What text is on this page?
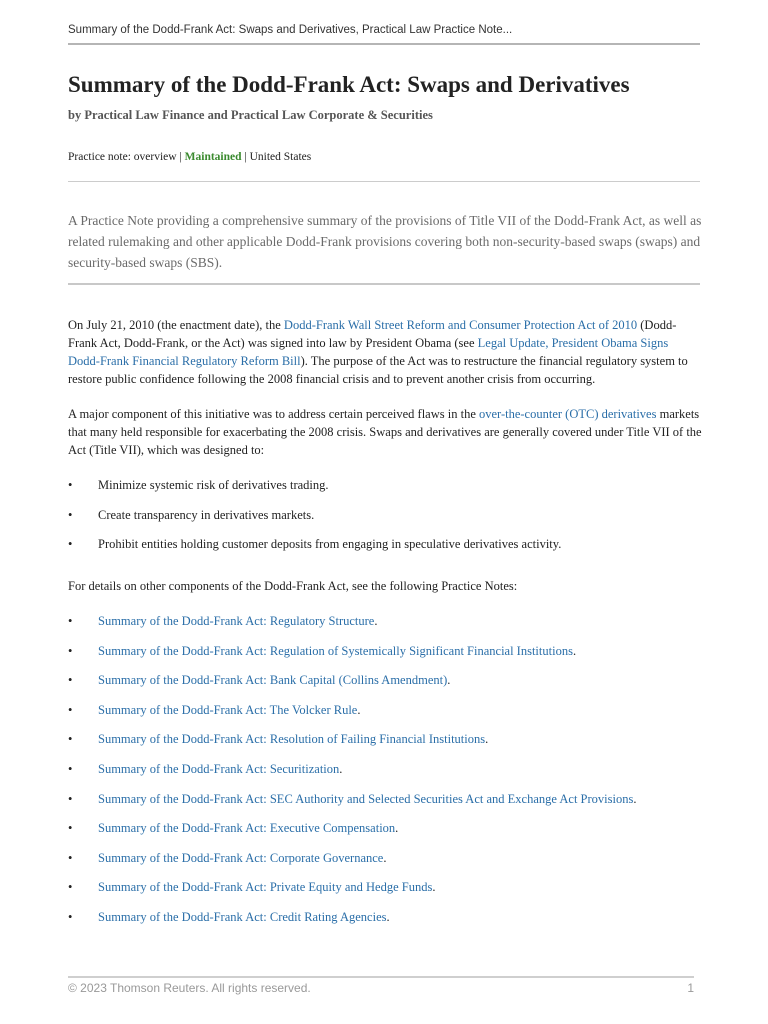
Summary of the Dodd-Frank Act: Swaps and Derivatives, Practical Law Practice Note...
Summary of the Dodd-Frank Act: Swaps and Derivatives
by Practical Law Finance and Practical Law Corporate & Securities
Practice note: overview | Maintained | United States

A Practice Note providing a comprehensive summary of the provisions of Title VII of the Dodd-Frank Act, as well as related rulemaking and other applicable Dodd-Frank provisions covering both non-security-based swaps (swaps) and security-based swaps (SBS).

On July 21, 2010 (the enactment date), the Dodd-Frank Wall Street Reform and Consumer Protection Act of 2010 (Dodd-Frank Act, Dodd-Frank, or the Act) was signed into law by President Obama (see Legal Update, President Obama Signs Dodd-Frank Financial Regulatory Reform Bill). The purpose of the Act was to restructure the financial regulatory system to restore public confidence following the 2008 financial crisis and to prevent another crisis from occurring.

A major component of this initiative was to address certain perceived flaws in the over-the-counter (OTC) derivatives markets that many held responsible for exacerbating the 2008 crisis. Swaps and derivatives are generally covered under Title VII of the Act (Title VII), which was designed to:

• Minimize systemic risk of derivatives trading.
• Create transparency in derivatives markets.
• Prohibit entities holding customer deposits from engaging in speculative derivatives activity.

For details on other components of the Dodd-Frank Act, see the following Practice Notes:

• Summary of the Dodd-Frank Act: Regulatory Structure.
• Summary of the Dodd-Frank Act: Regulation of Systemically Significant Financial Institutions.
• Summary of the Dodd-Frank Act: Bank Capital (Collins Amendment).
• Summary of the Dodd-Frank Act: The Volcker Rule.
• Summary of the Dodd-Frank Act: Resolution of Failing Financial Institutions.
• Summary of the Dodd-Frank Act: Securitization.
• Summary of the Dodd-Frank Act: SEC Authority and Selected Securities Act and Exchange Act Provisions.
• Summary of the Dodd-Frank Act: Executive Compensation.
• Summary of the Dodd-Frank Act: Corporate Governance.
• Summary of the Dodd-Frank Act: Private Equity and Hedge Funds.
• Summary of the Dodd-Frank Act: Credit Rating Agencies.
© 2023 Thomson Reuters. All rights reserved.	1
